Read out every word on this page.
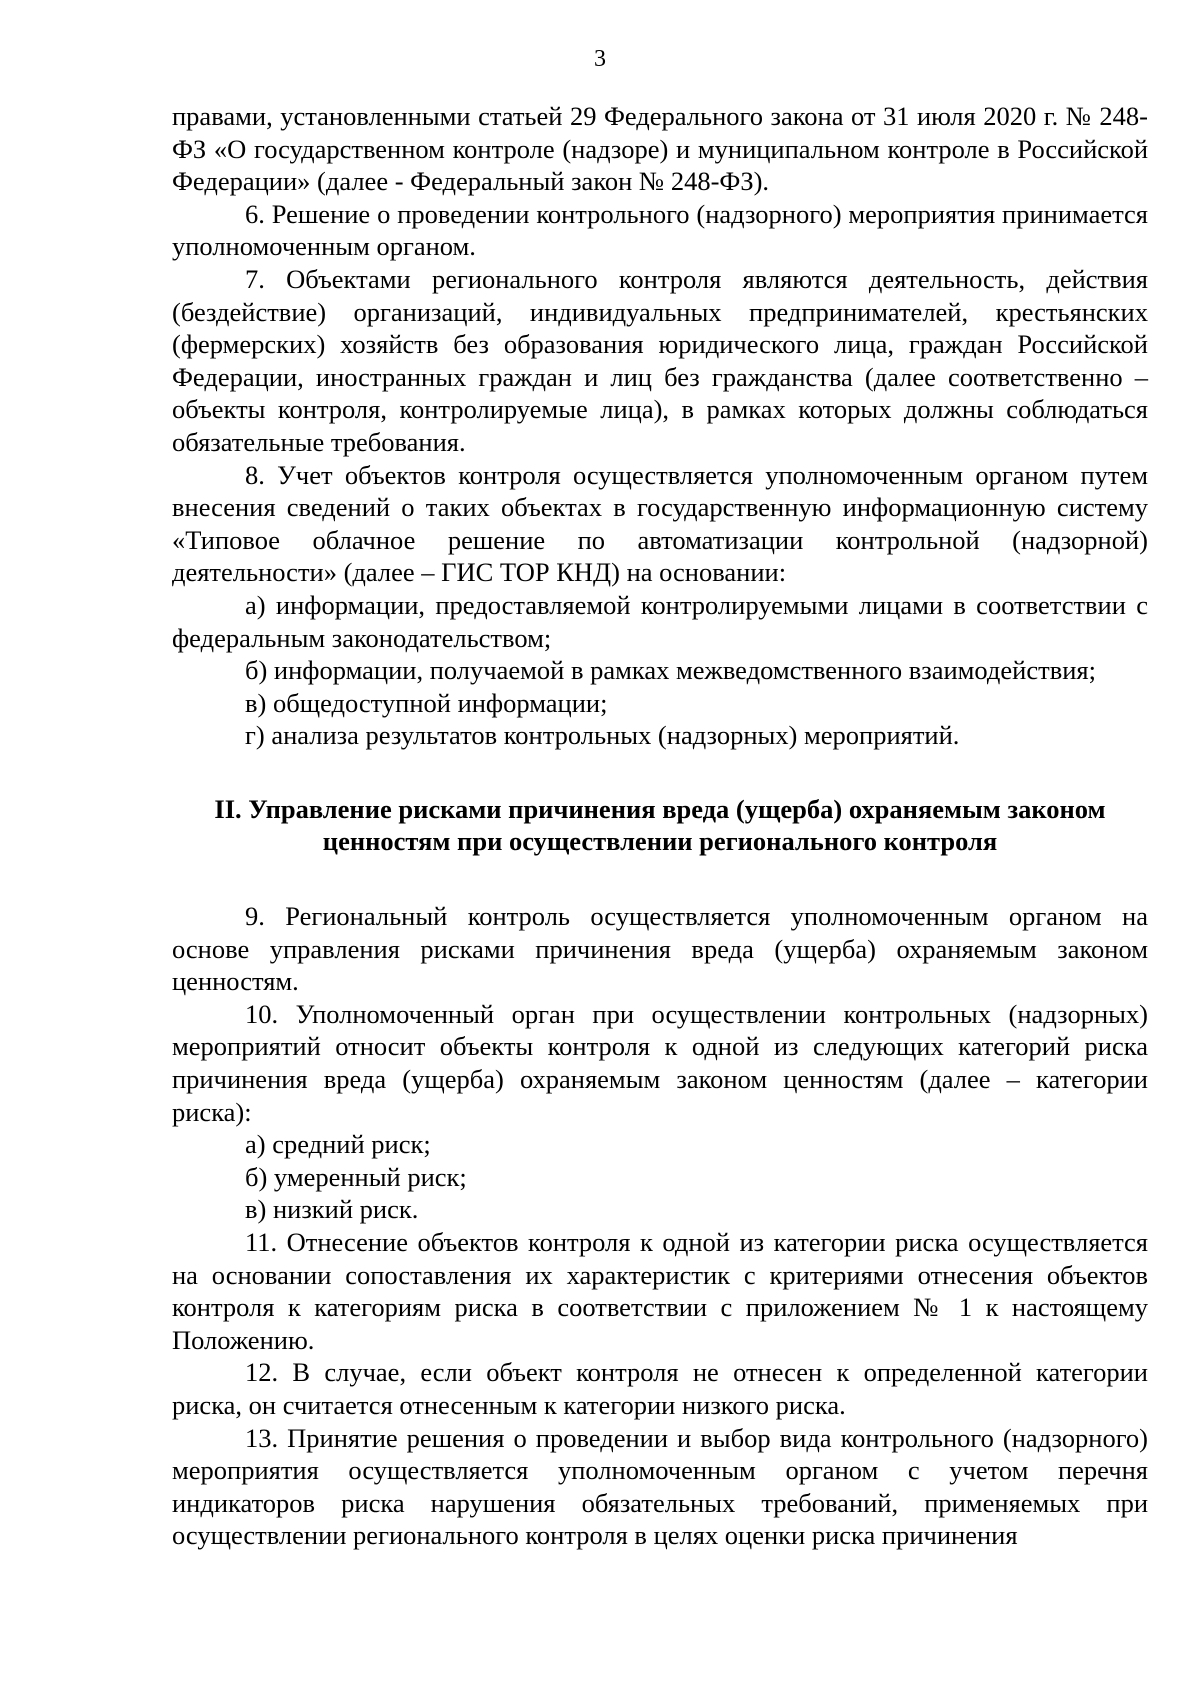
3

правами, установленными статьей 29 Федерального закона от 31 июля 2020 г. № 248-ФЗ «О государственном контроле (надзоре) и муниципальном контроле в Российской Федерации» (далее - Федеральный закон № 248-ФЗ).

6. Решение о проведении контрольного (надзорного) мероприятия принимается уполномоченным органом.

7. Объектами регионального контроля являются деятельность, действия (бездействие) организаций, индивидуальных предпринимателей, крестьянских (фермерских) хозяйств без образования юридического лица, граждан Российской Федерации, иностранных граждан и лиц без гражданства (далее соответственно – объекты контроля, контролируемые лица), в рамках которых должны соблюдаться обязательные требования.

8. Учет объектов контроля осуществляется уполномоченным органом путем внесения сведений о таких объектах в государственную информационную систему «Типовое облачное решение по автоматизации контрольной (надзорной) деятельности» (далее – ГИС ТОР КНД) на основании:

а) информации, предоставляемой контролируемыми лицами в соответствии с федеральным законодательством;

б) информации, получаемой в рамках межведомственного взаимодействия;

в) общедоступной информации;

г) анализа результатов контрольных (надзорных) мероприятий.

II. Управление рисками причинения вреда (ущерба) охраняемым законом ценностям при осуществлении регионального контроля

9. Региональный контроль осуществляется уполномоченным органом на основе управления рисками причинения вреда (ущерба) охраняемым законом ценностям.

10. Уполномоченный орган при осуществлении контрольных (надзорных) мероприятий относит объекты контроля к одной из следующих категорий риска причинения вреда (ущерба) охраняемым законом ценностям (далее – категории риска):

а) средний риск;

б) умеренный риск;

в) низкий риск.

11. Отнесение объектов контроля к одной из категории риска осуществляется на основании сопоставления их характеристик с критериями отнесения объектов контроля к категориям риска в соответствии с приложением № 1 к настоящему Положению.

12. В случае, если объект контроля не отнесен к определенной категории риска, он считается отнесенным к категории низкого риска.

13. Принятие решения о проведении и выбор вида контрольного (надзорного) мероприятия осуществляется уполномоченным органом с учетом перечня индикаторов риска нарушения обязательных требований, применяемых при осуществлении регионального контроля в целях оценки риска причинения
